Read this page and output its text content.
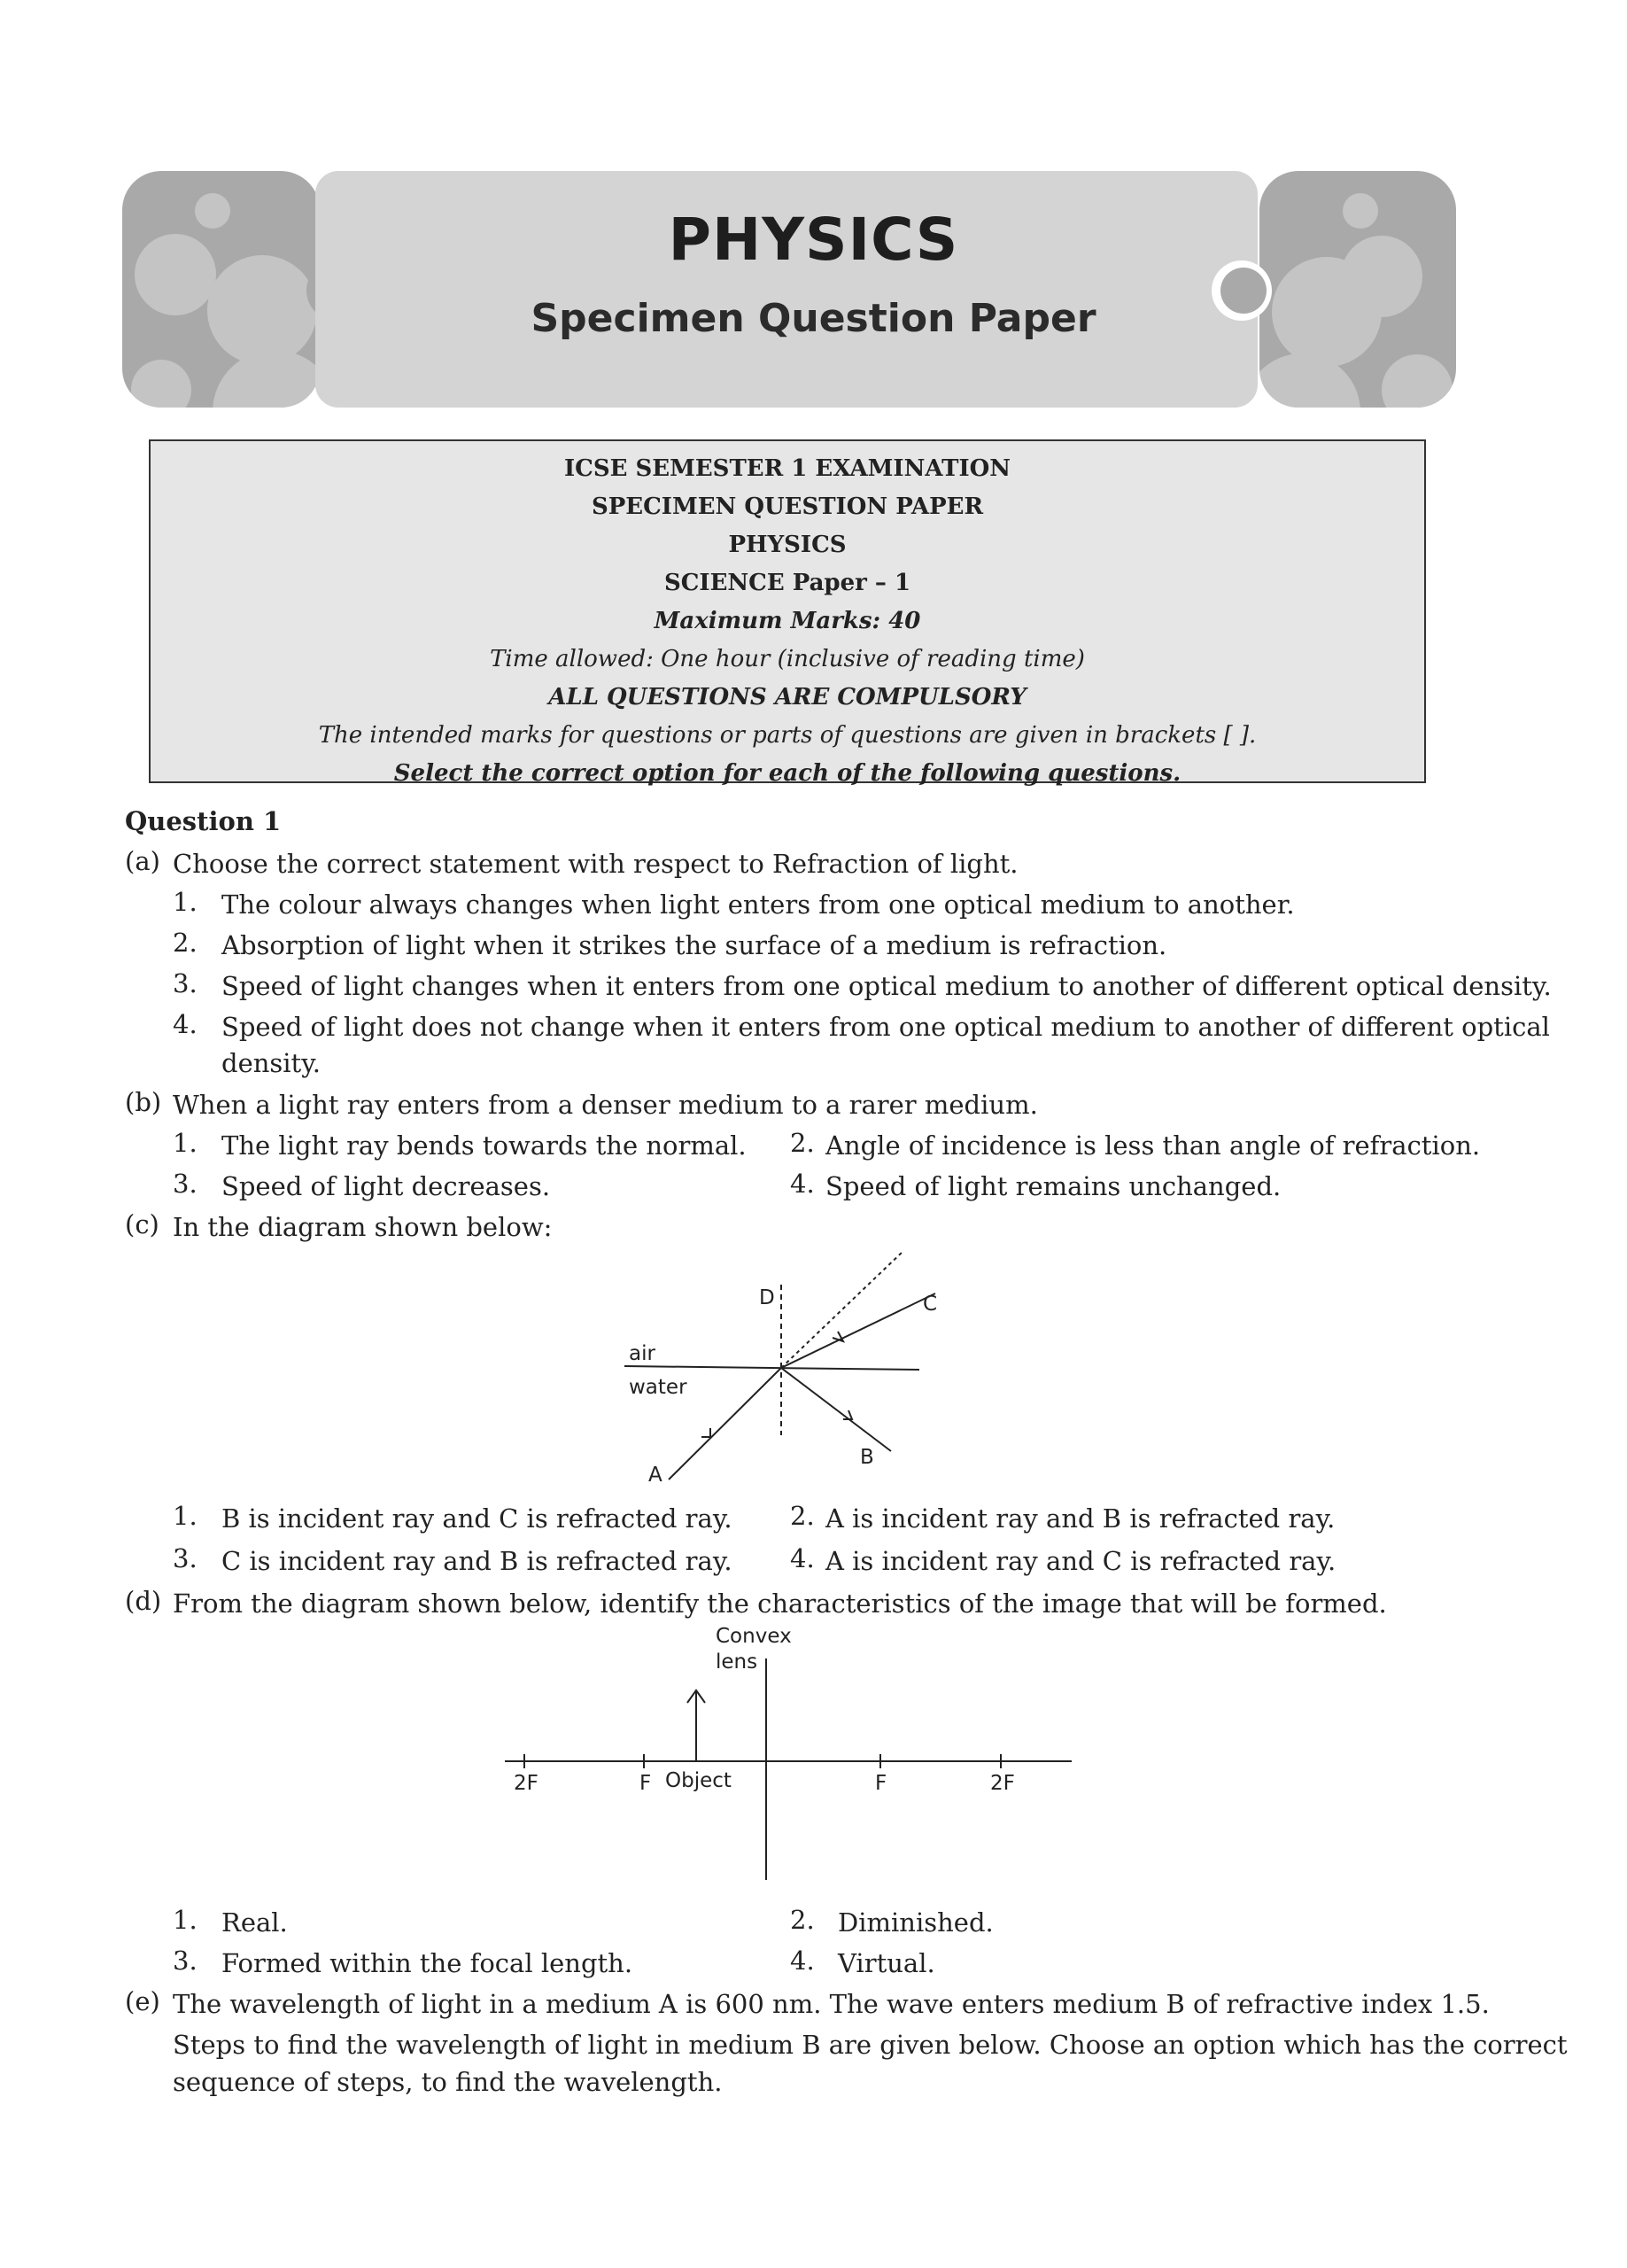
PHYSICS
Specimen Question Paper
ICSE SEMESTER 1 EXAMINATION
SPECIMEN QUESTION PAPER
PHYSICS
SCIENCE Paper – 1
Maximum Marks: 40
Time allowed: One hour (inclusive of reading time)
ALL QUESTIONS ARE COMPULSORY
The intended marks for questions or parts of questions are given in brackets [ ].
Select the correct option for each of the following questions.
Question 1
(a) Choose the correct statement with respect to Refraction of light.
1. The colour always changes when light enters from one optical medium to another.
2. Absorption of light when it strikes the surface of a medium is refraction.
3. Speed of light changes when it enters from one optical medium to another of different optical density.
4. Speed of light does not change when it enters from one optical medium to another of different optical
density.
(b) When a light ray enters from a denser medium to a rarer medium.
1. The light ray bends towards the normal. 2. Angle of incidence is less than angle of refraction.
3. Speed of light decreases.	4. Speed of light remains unchanged.
(c) In the diagram shown below:
air
water
D	C
A
B
1. B is incident ray and C is refracted ray. 2. A is incident ray and B is refracted ray.
3. C is incident ray and B is refracted ray. 4. A is incident ray and C is refracted ray.
(d) From the diagram shown below, identify the characteristics of the image that will be formed.
Convex
lens
2F	F Object	F	2F
1. Real.	2. Diminished.
3. Formed within the focal length.	4. Virtual.
(e) The wavelength of light in a medium A is 600 nm. The wave enters medium B of refractive index 1.5.
Steps to find the wavelength of light in medium B are given below. Choose an option which has the correct
sequence of steps, to find the wavelength.
